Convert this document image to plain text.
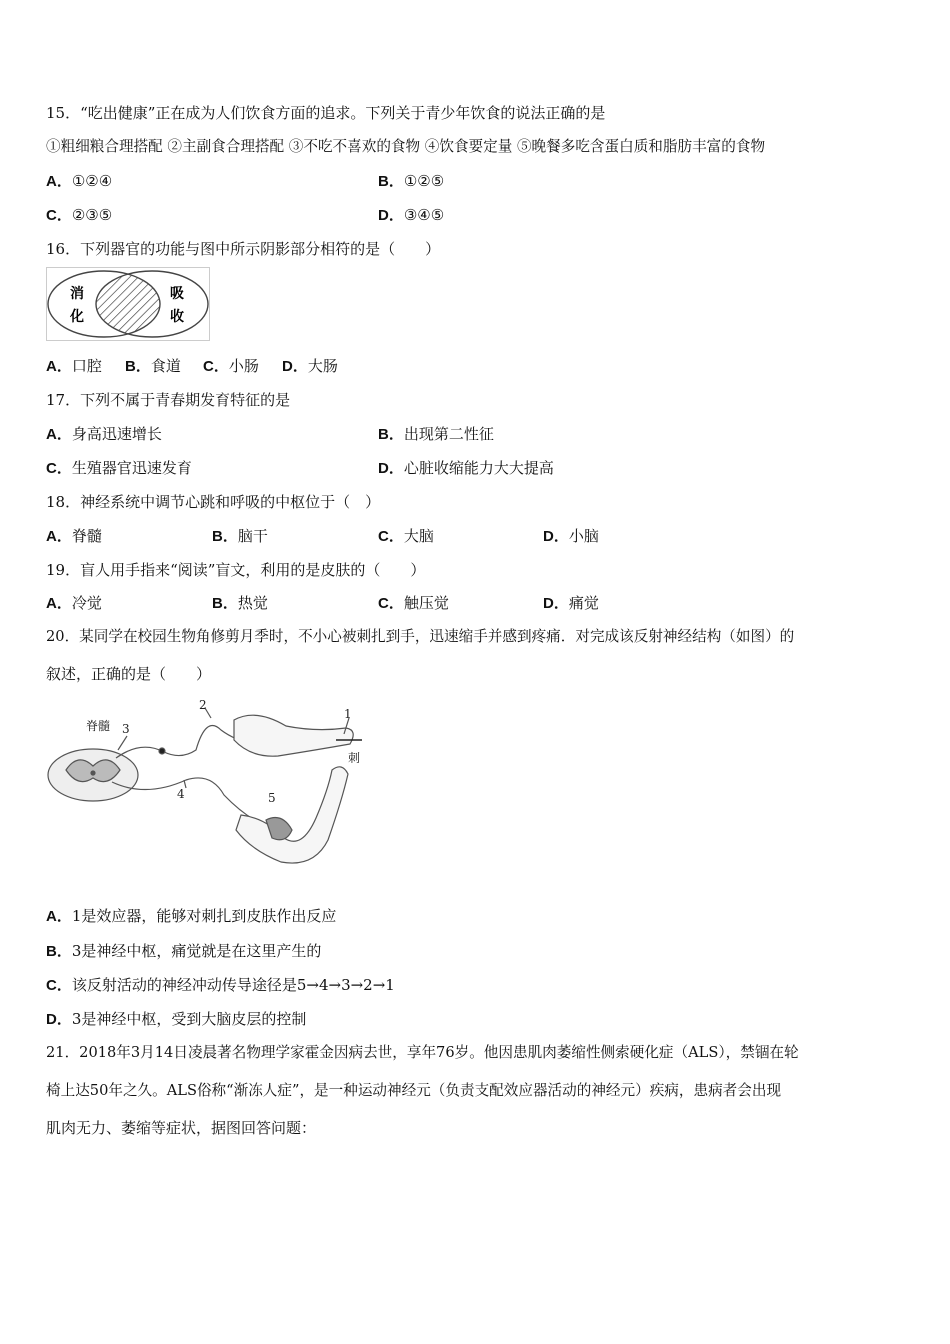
15．“吃出健康”正在成为人们饮食方面的追求。下列关于青少年饮食的说法正确的是
①粗细粮合理搭配 ②主副食合理搭配 ③不吃不喜欢的食物 ④饮食要定量 ⑤晚餐多吃含蛋白质和脂肪丰富的食物
A．①②④	B．①②⑤
C．②③⑤	D．③④⑤
16．下列器官的功能与图中所示阴影部分相符的是（　　）
消
化
吸
收
A．口腔 B．食道 C．小肠 D．大肠
17．下列不属于青春期发育特征的是
A．身高迅速增长	B．出现第二性征
C．生殖器官迅速发育	D．心脏收缩能力大大提高
18．神经系统中调节心跳和呼吸的中枢位于（　）
A．脊髓	B．脑干	C．大脑	D．小脑
19．盲人用手指来“阅读”盲文，利用的是皮肤的（　　）
A．冷觉	B．热觉	C．触压觉	D．痛觉
20．某同学在校园生物角修剪月季时，不小心被刺扎到手，迅速缩手并感到疼痛．对完成该反射神经结构（如图）的
叙述，正确的是（　　）
脊髓 3
2
1
刺
4	5
A．1是效应器，能够对刺扎到皮肤作出反应
B．3是神经中枢，痛觉就是在这里产生的
C．该反射活动的神经冲动传导途径是5→4→3→2→1
D．3是神经中枢，受到大脑皮层的控制
21．2018年3月14日凌晨著名物理学家霍金因病去世，享年76岁。他因患肌肉萎缩性侧索硬化症（ALS），禁锢在轮
椅上达50年之久。ALS俗称“渐冻人症”，是一种运动神经元（负责支配效应器活动的神经元）疾病，患病者会出现
肌肉无力、萎缩等症状，据图回答问题：
